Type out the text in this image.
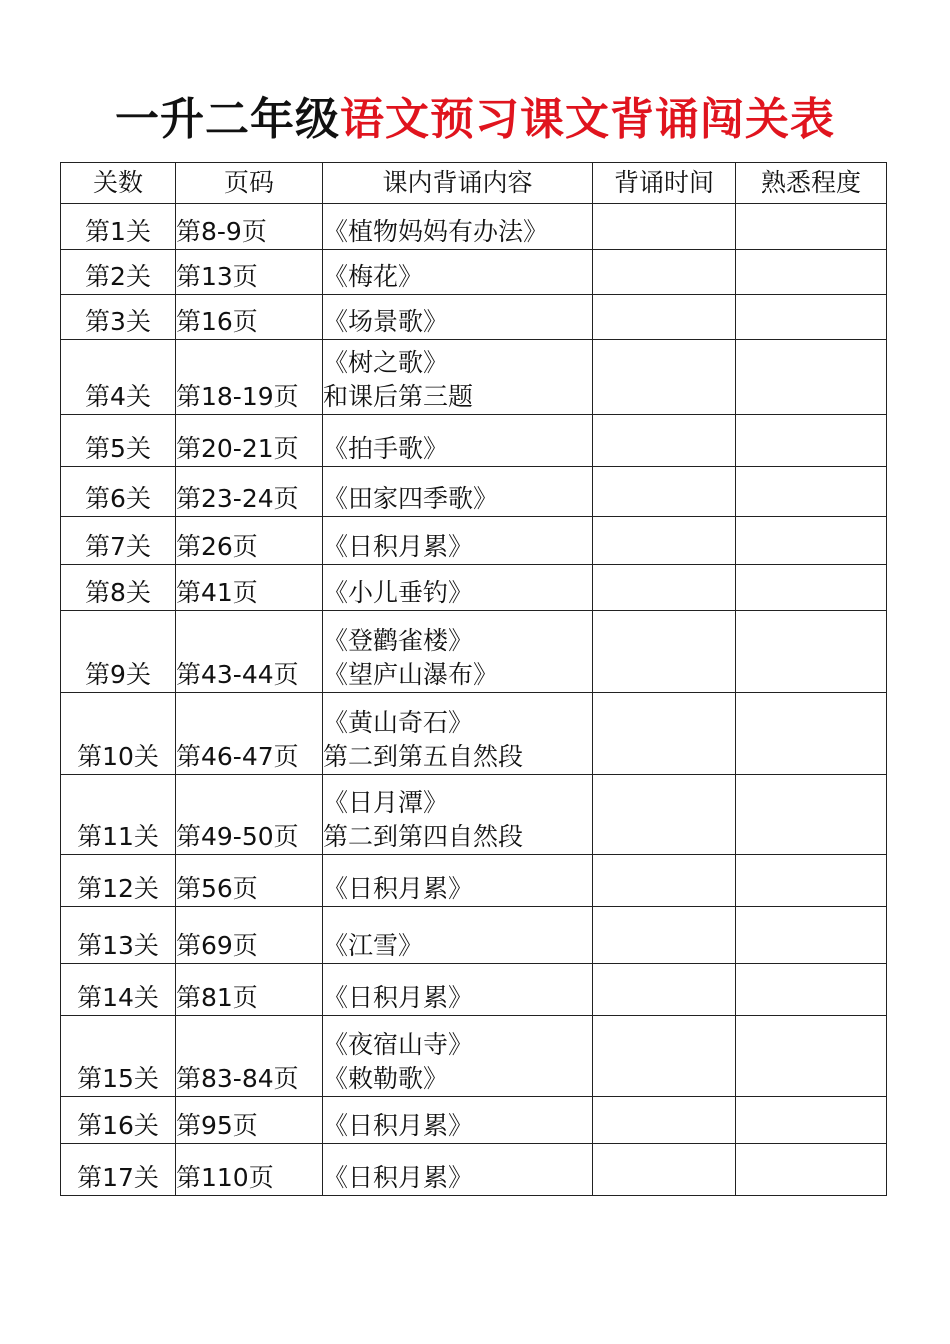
一升二年级语文预习课文背诵闯关表
关数	页码	课内背诵内容	背诵时间	熟悉程度
第1关	第8-9页	《植物妈妈有办法》		

第2关	第13页	《梅花》		

第3关	第16页	《场景歌》		

第4关	第18-19页	《树之歌》
和课后第三题		

第5关	第20-21页	《拍手歌》		

第6关	第23-24页	《田家四季歌》		

第7关	第26页	《日积月累》		

第8关	第41页	《小儿垂钓》		

第9关	第43-44页	《登鹳雀楼》
《望庐山瀑布》		

第10关	第46-47页	《黄山奇石》
第二到第五自然段		

第11关	第49-50页	《日月潭》
第二到第四自然段		

第12关	第56页	《日积月累》		

第13关	第69页	《江雪》		

第14关	第81页	《日积月累》		

第15关	第83-84页	《夜宿山寺》
《敕勒歌》		

第16关	第95页	《日积月累》		

第17关	第110页	《日积月累》		
